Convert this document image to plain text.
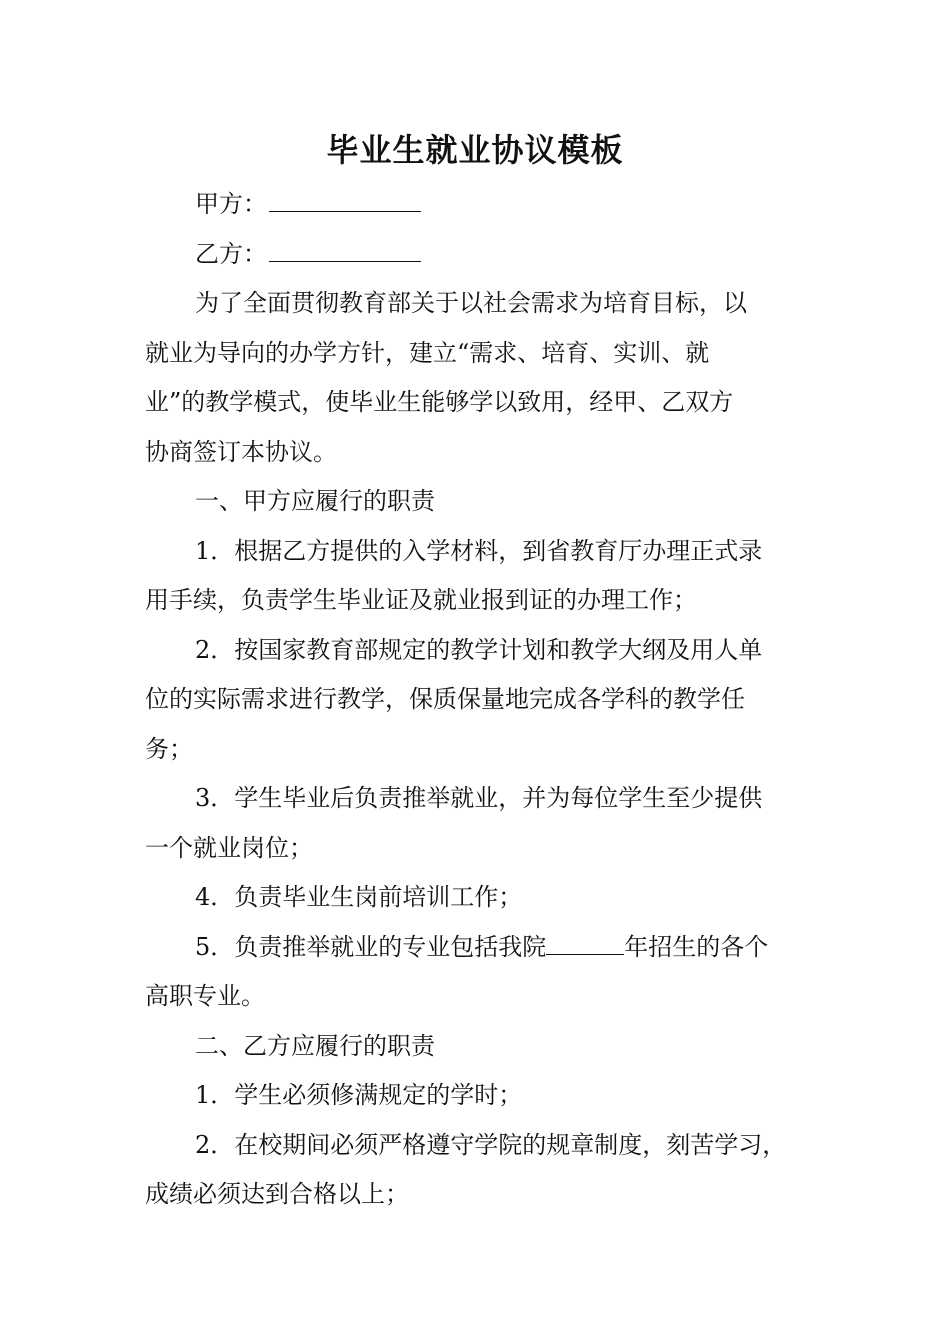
毕业生就业协议模板
甲方：
乙方：
为了全面贯彻教育部关于以社会需求为培育目标，以
就业为导向的办学方针，建立“需求、培育、实训、就
业”的教学模式，使毕业生能够学以致用，经甲、乙双方
协商签订本协议。
一、甲方应履行的职责
1．根据乙方提供的入学材料，到省教育厅办理正式录
用手续，负责学生毕业证及就业报到证的办理工作；
2．按国家教育部规定的教学计划和教学大纲及用人单
位的实际需求进行教学，保质保量地完成各学科的教学任
务；
3．学生毕业后负责推举就业，并为每位学生至少提供
一个就业岗位；
4．负责毕业生岗前培训工作；
5．负责推举就业的专业包括我院	年招生的各个
高职专业。
二、乙方应履行的职责
1．学生必须修满规定的学时；
2．在校期间必须严格遵守学院的规章制度，刻苦学习，
成绩必须达到合格以上；
